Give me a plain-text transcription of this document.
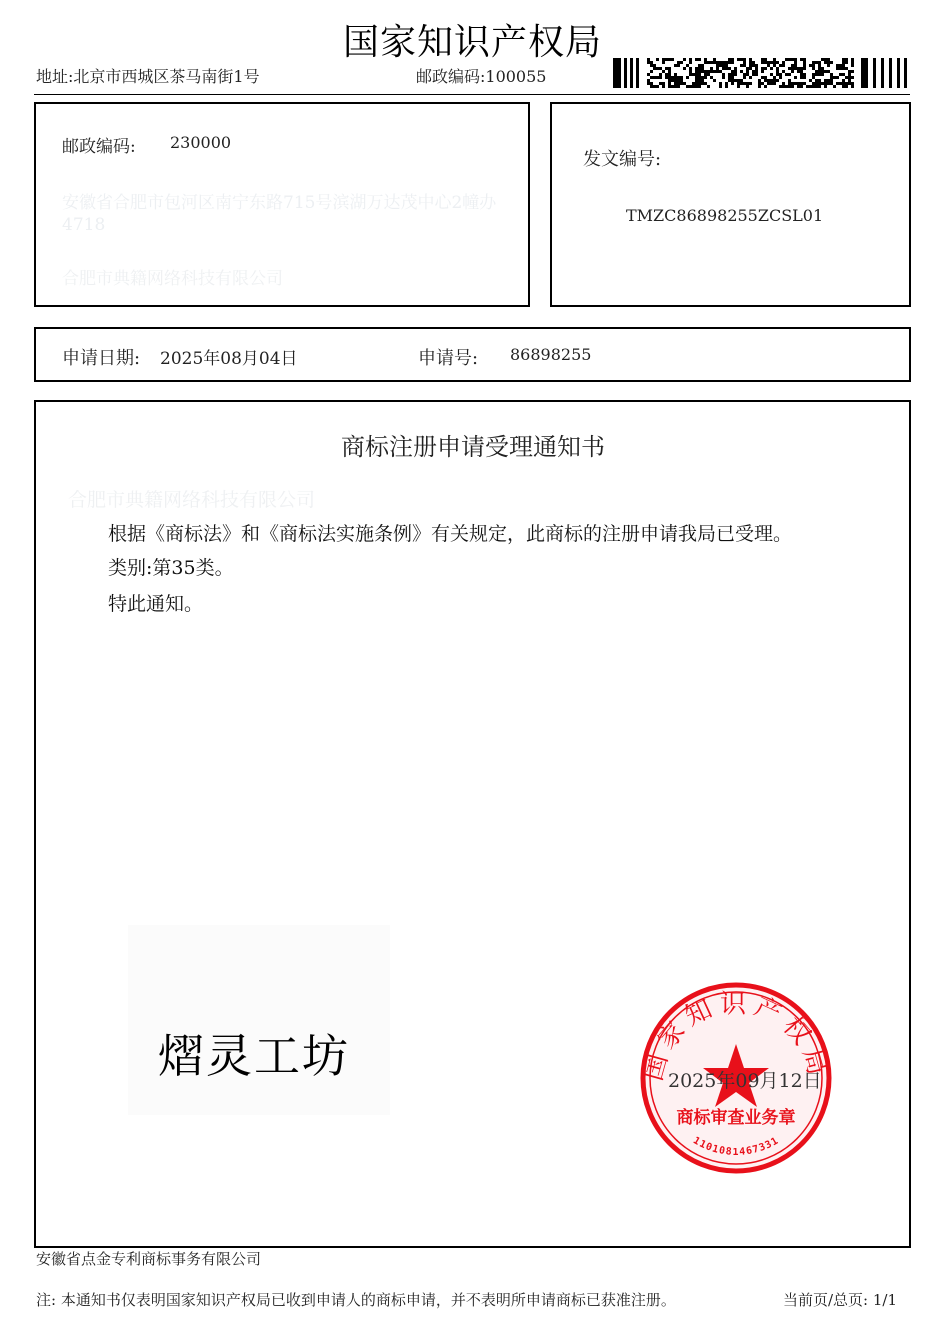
国家知识产权局
地址:北京市西城区茶马南街1号	邮政编码:100055
邮政编码: 230000
安徽省合肥市包河区南宁东路715号滨湖万达茂中心2幢办4718
合肥市典籍网络科技有限公司
发文编号:
TMZC86898255ZCSL01
申请日期: 2025年08月04日	申请号: 86898255
商标注册申请受理通知书
合肥市典籍网络科技有限公司
根据《商标法》和《商标法实施条例》有关规定，此商标的注册申请我局已受理。
类别:第35类。
特此通知。
熠灵工坊	国家知识产权局
商标审查业务章
1101081467331
2025年09月12日
安徽省点金专利商标事务有限公司
注: 本通知书仅表明国家知识产权局已收到申请人的商标申请，并不表明所申请商标已获准注册。	当前页/总页: 1/1
